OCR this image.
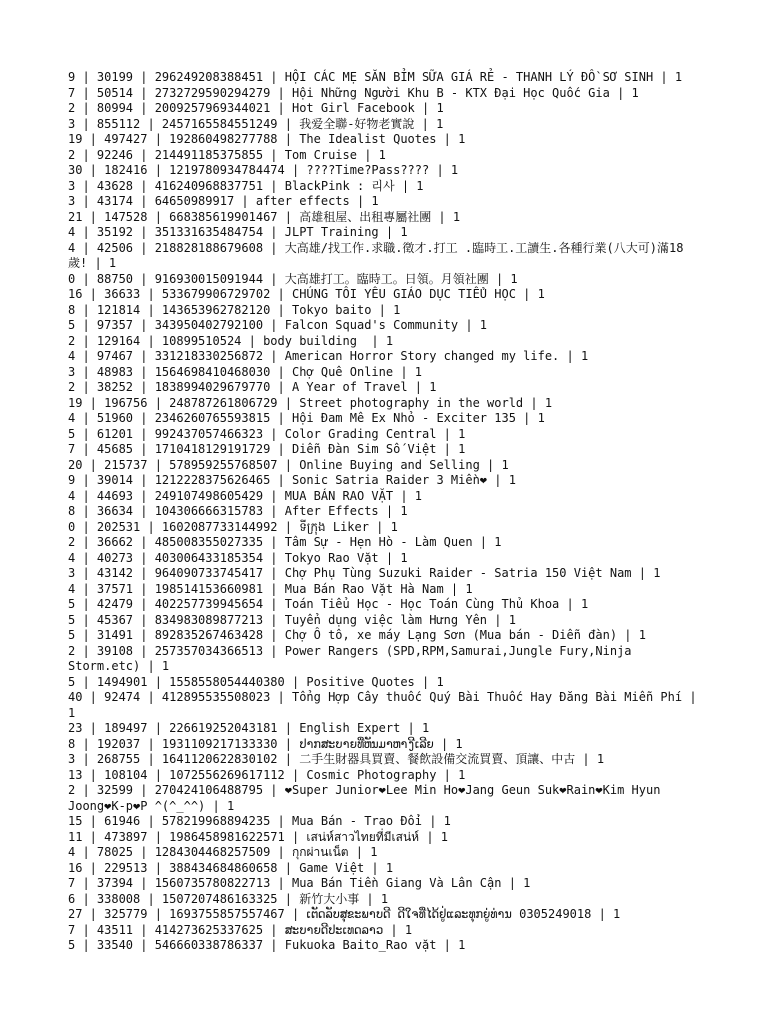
9 | 30199 | 296249208388451 | HỘI CÁC MẸ SĂN BỈM SỮA GIÁ RẺ - THANH LÝ ĐỒ SƠ SINH | 1
7 | 50514 | 2732729590294279 | Hội Những Người Khu B - KTX Đại Học Quốc Gia | 1
2 | 80994 | 2009257969344021 | Hot Girl Facebook | 1
3 | 855112 | 2457165584551249 | 我爱全聯-好物老實說 | 1
19 | 497427 | 192860498277788 | The Idealist Quotes | 1
2 | 92246 | 214491185375855 | Tom Cruise | 1
30 | 182416 | 1219780934784474 | ????Time?Pass???? | 1
3 | 43628 | 416240968837751 | BlackPink : 리사 | 1
3 | 43174 | 64650989917 | after effects | 1
21 | 147528 | 668385619901467 | 高雄租屋、出租專屬社團 | 1
4 | 35192 | 351331635484754 | JLPT Training | 1
4 | 42506 | 218828188679608 | 大高雄/找工作.求職.徵才.打工 .臨時工.工讀生.各種行業(八大可)滿18歲! | 1
0 | 88750 | 916930015091944 | 大高雄打工。臨時工。日領。月領社團 | 1
16 | 36633 | 533679906729702 | CHÚNG TÔI YÊU GIÁO DỤC TIỂU HỌC | 1
8 | 121814 | 143653962782120 | Tokyo baito | 1
5 | 97357 | 343950402792100 | Falcon Squad's Community | 1
2 | 129164 | 10899510524 | body building  | 1
4 | 97467 | 331218330256872 | American Horror Story changed my life. | 1
3 | 48983 | 1564698410468030 | Chợ Quê Online | 1
2 | 38252 | 1838994029679770 | A Year of Travel | 1
19 | 196756 | 248787261806729 | Street photography in the world | 1
4 | 51960 | 2346260765593815 | Hội Đam Mê Ex Nhỏ - Exciter 135 | 1
5 | 61201 | 992437057466323 | Color Grading Central | 1
7 | 45685 | 1710418129191729 | Diễn Đàn Sim Số Việt | 1
20 | 215737 | 578959255768507 | Online Buying and Selling | 1
9 | 39014 | 1212228375626465 | Sonic Satria Raider 3 Miền❤ | 1
4 | 44693 | 249107498605429 | MUA BÁN RAO VẶT | 1
8 | 36634 | 104306666315783 | After Effects | 1
0 | 202531 | 1602087733144992 | ទីក្រុង Liker | 1
2 | 36662 | 485008355027335 | Tâm Sự - Hẹn Hò - Làm Quen | 1
4 | 40273 | 403006433185354 | Tokyo Rao Vặt | 1
3 | 43142 | 964090733745417 | Chợ Phụ Tùng Suzuki Raider - Satria 150 Việt Nam | 1
4 | 37571 | 198514153660981 | Mua Bán Rao Vặt Hà Nam | 1
5 | 42479 | 402257739945654 | Toán Tiểu Học - Học Toán Cùng Thủ Khoa | 1
5 | 45367 | 834983089877213 | Tuyển dụng việc làm Hưng Yên | 1
5 | 31491 | 892835267463428 | Chợ Ô tô, xe máy Lạng Sơn (Mua bán - Diễn đàn) | 1
2 | 39108 | 257357034366513 | Power Rangers (SPD,RPM,Samurai,Jungle Fury,Ninja Storm.etc) | 1
5 | 1494901 | 1558558054440380 | Positive Quotes | 1
40 | 92474 | 412895535508023 | Tổng Hợp Cây thuốc Quý Bài Thuốc Hay Đăng Bài Miễn Phí | 1
23 | 189497 | 226619252043181 | English Expert | 1
8 | 192037 | 1931109217133330 | ປາກສະບາຍທີ່ຫັນມາຫາງີເລີຍ | 1
3 | 268755 | 1641120622830102 | 二手生財器具買賣、餐飲設備交流買賣、頂讓、中古 | 1
13 | 108104 | 1072556269617112 | Cosmic Photography | 1
2 | 32599 | 270424106488795 | ❤Super Junior❤Lee Min Ho❤Jang Geun Suk❤Rain❤Kim Hyun Joong❤K-p❤P ^(^_^^) | 1
15 | 61946 | 578219968894235 | Mua Bán - Trao Đổi | 1
11 | 473897 | 1986458981622571 | เสน่ห์สาวไทยที่มีเสน่ห์ | 1
4 | 78025 | 1284304468257509 | กุกผ่านเน็ต | 1
16 | 229513 | 388434684860658 | Game Việt | 1
7 | 37394 | 1560735780822713 | Mua Bán Tiền Giang Và Lân Cận | 1
6 | 338008 | 1507207486163325 | 新竹大小事 | 1
27 | 325779 | 1693755857557467 | ເຕັດລັບສຸຂະພາບດີ ດີໃຈທີ່ໄດ້ຢູ່ແລະທຸກຍູ່ທ່ານ 0305249018 | 1
7 | 43511 | 414273625337625 | ສະບາຍດີປະເທດລາວ | 1
5 | 33540 | 546660338786337 | Fukuoka Baito_Rao vặt | 1
